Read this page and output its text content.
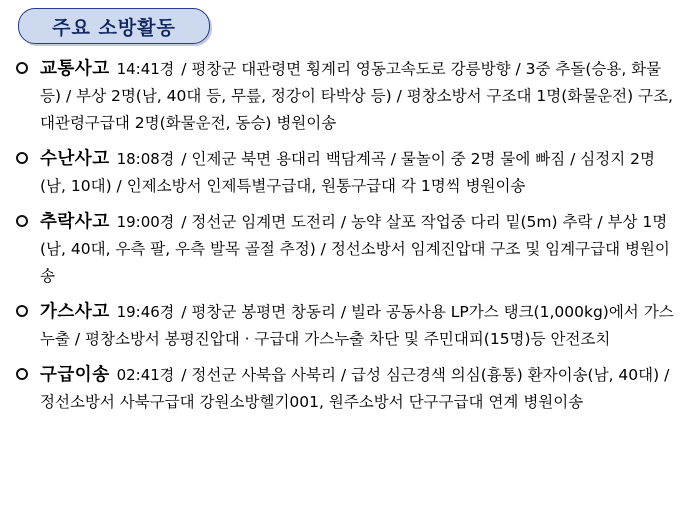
주요 소방활동
교통사고 14:41경 / 평창군 대관령면 횡계리 영동고속도로 강릉방향 / 3중 추돌(승용, 화물 등) / 부상 2명(남, 40대 등, 무릎, 정강이 타박상 등) / 평창소방서 구조대 1명(화물운전) 구조, 대관령구급대 2명(화물운전, 동승) 병원이송
수난사고 18:08경 / 인제군 북면 용대리 백담계곡 / 물놀이 중 2명 물에 빠짐 / 심정지 2명(남, 10대) / 인제소방서 인제특별구급대, 원통구급대 각 1명씩 병원이송
추락사고 19:00경 / 정선군 임계면 도전리 / 농약 살포 작업중 다리 밑(5m) 추락 / 부상 1명(남, 40대, 우측 팔, 우측 발목 골절 추정) / 정선소방서 임계진압대 구조 및 임계구급대 병원이송
가스사고 19:46경 / 평창군 봉평면 창동리 / 빌라 공동사용 LP가스 탱크(1,000kg)에서 가스누출 / 평창소방서 봉평진압대 · 구급대 가스누출 차단 및 주민대피(15명)등 안전조치
구급이송 02:41경 / 정선군 사북읍 사북리 / 급성 심근경색 의심(흉통) 환자이송(남, 40대) / 정선소방서 사북구급대 강원소방헬기001, 원주소방서 단구구급대 연계 병원이송
